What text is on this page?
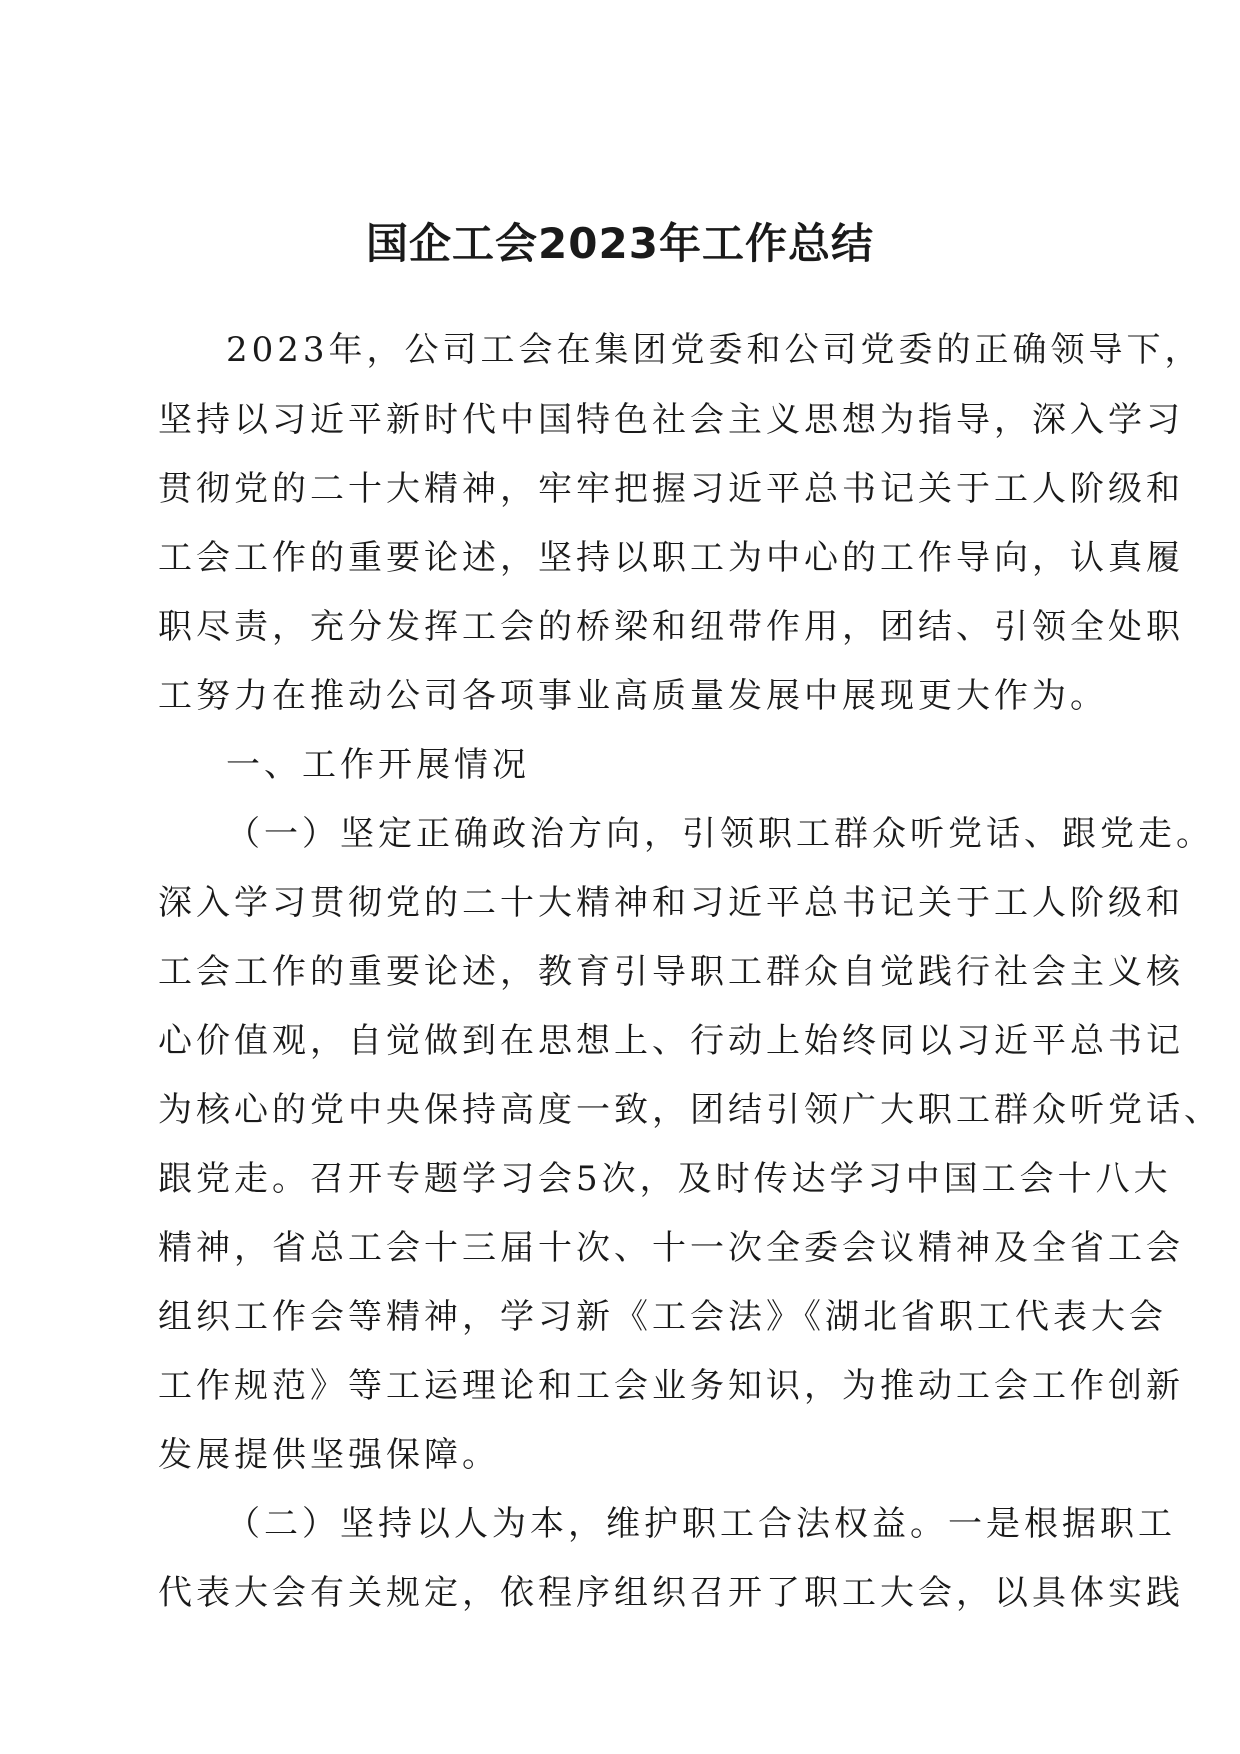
国企工会2023年工作总结

2023年，公司工会在集团党委和公司党委的正确领导下，

坚持以习近平新时代中国特色社会主义思想为指导，深入学习

贯彻党的二十大精神，牢牢把握习近平总书记关于工人阶级和

工会工作的重要论述，坚持以职工为中心的工作导向，认真履

职尽责，充分发挥工会的桥梁和纽带作用，团结、引领全处职

工努力在推动公司各项事业高质量发展中展现更大作为。

一、工作开展情况

（一）坚定正确政治方向，引领职工群众听党话、跟党走。

深入学习贯彻党的二十大精神和习近平总书记关于工人阶级和

工会工作的重要论述，教育引导职工群众自觉践行社会主义核

心价值观，自觉做到在思想上、行动上始终同以习近平总书记

为核心的党中央保持高度一致，团结引领广大职工群众听党话、

跟党走。召开专题学习会5次，及时传达学习中国工会十八大

精神，省总工会十三届十次、十一次全委会议精神及全省工会

组织工作会等精神，学习新《工会法》《湖北省职工代表大会

工作规范》等工运理论和工会业务知识，为推动工会工作创新

发展提供坚强保障。

（二）坚持以人为本，维护职工合法权益。一是根据职工

代表大会有关规定，依程序组织召开了职工大会，以具体实践
